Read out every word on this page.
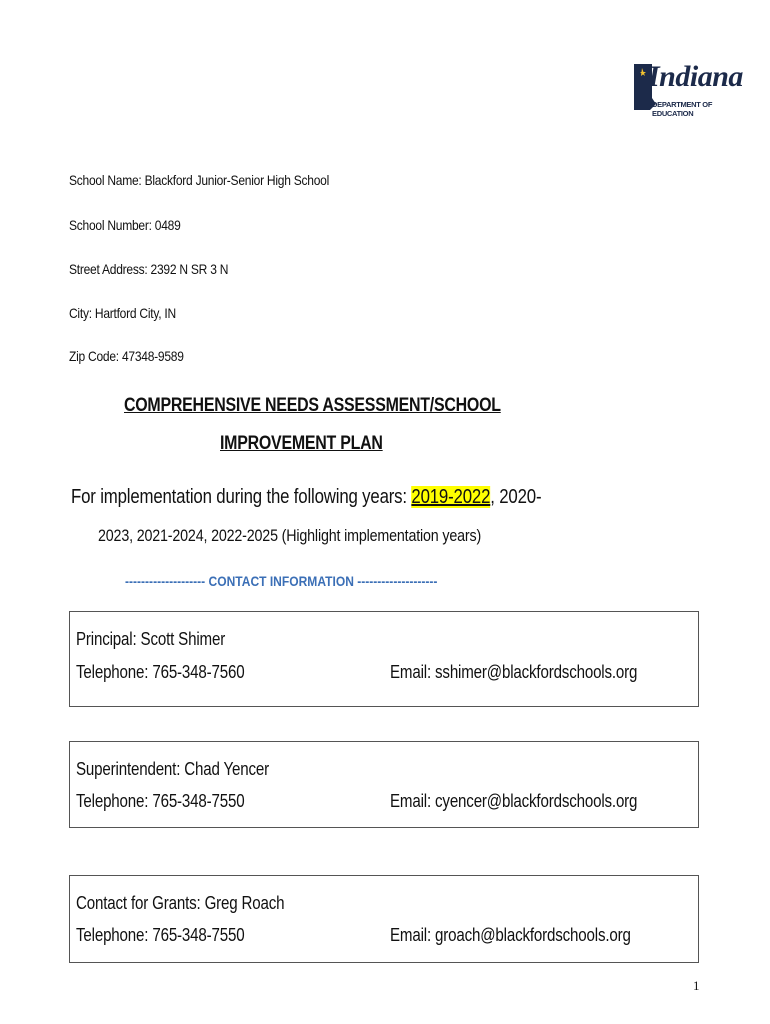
Indiana
DEPARTMENT OF EDUCATION
School Name: Blackford Junior-Senior High School
School Number: 0489
Street Address: 2392 N SR 3 N
City: Hartford City, IN
Zip Code: 47348-9589
COMPREHENSIVE NEEDS ASSESSMENT/SCHOOL
IMPROVEMENT PLAN
For implementation during the following years: 2019-2022, 2020-
2023, 2021-2024, 2022-2025 (Highlight implementation years)
-------------------- CONTACT INFORMATION --------------------
Principal: Scott Shimer
Telephone: 765-348-7560	Email: sshimer@blackfordschools.org
Superintendent: Chad Yencer
Telephone: 765-348-7550	Email: cyencer@blackfordschools.org
Contact for Grants: Greg Roach
Telephone: 765-348-7550	Email: groach@blackfordschools.org
1
